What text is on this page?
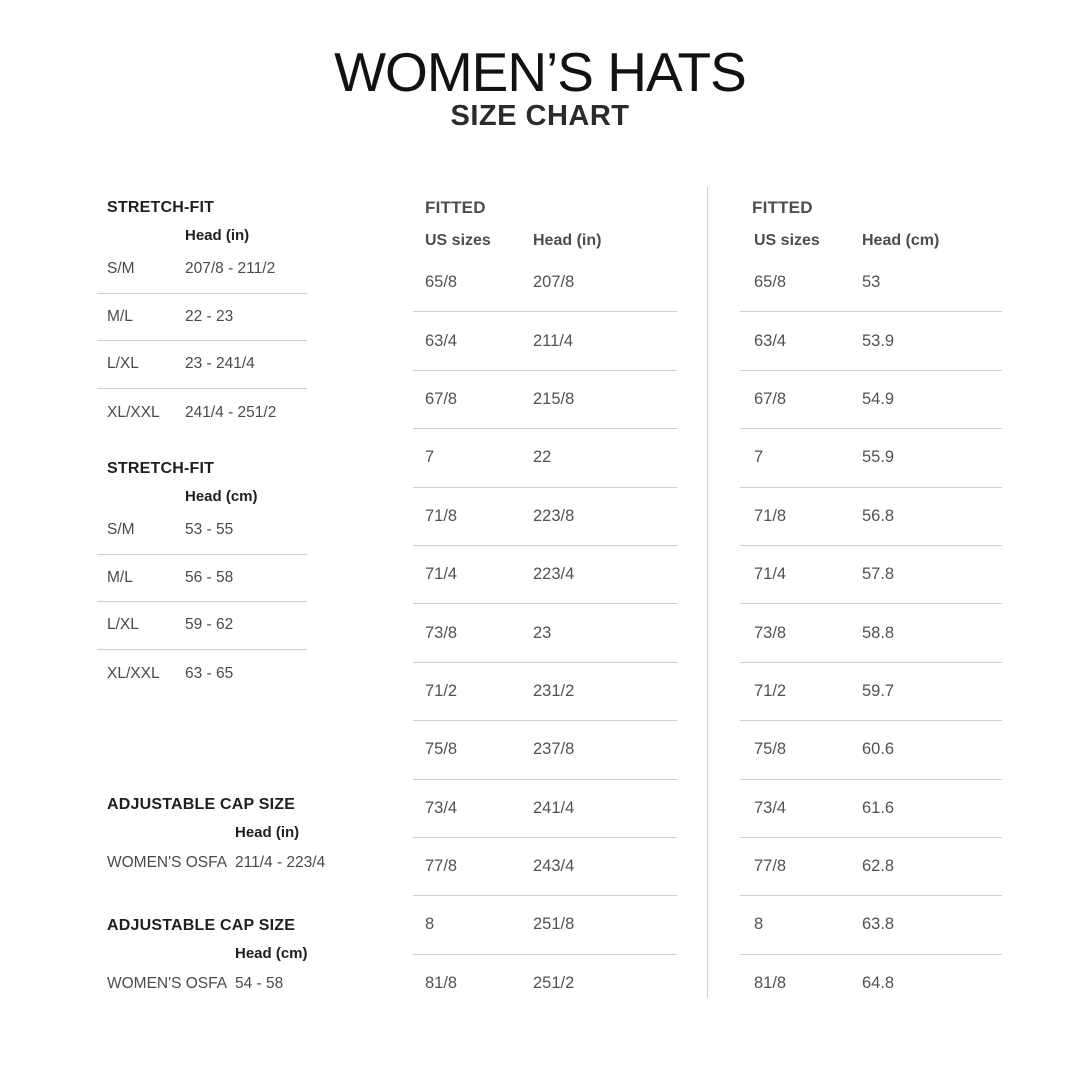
WOMEN’S HATS
SIZE CHART
STRETCH-FIT
Head (in)
S/M	207/8 - 211/2
M/L	22 - 23
L/XL	23 - 241/4
XL/XXL	241/4 - 251/2
STRETCH-FIT
Head (cm)
S/M	53 - 55
M/L	56 - 58
L/XL	59 - 62
XL/XXL	63 - 65
ADJUSTABLE CAP SIZE
Head (in)
WOMEN'S OSFA 211/4 - 223/4
ADJUSTABLE CAP SIZE
Head (cm)
WOMEN'S OSFA 54 - 58
FITTED
US sizes	Head (in)
65/8	207/8
63/4	211/4
67/8	215/8
7	22
71/8	223/8
71/4	223/4
73/8	23
71/2	231/2
75/8	237/8
73/4	241/4
77/8	243/4
8	251/8
81/8	251/2
FITTED
US sizes	Head (cm)
65/8	53
63/4	53.9
67/8	54.9
7	55.9
71/8	56.8
71/4	57.8
73/8	58.8
71/2	59.7
75/8	60.6
73/4	61.6
77/8	62.8
8	63.8
81/8	64.8
